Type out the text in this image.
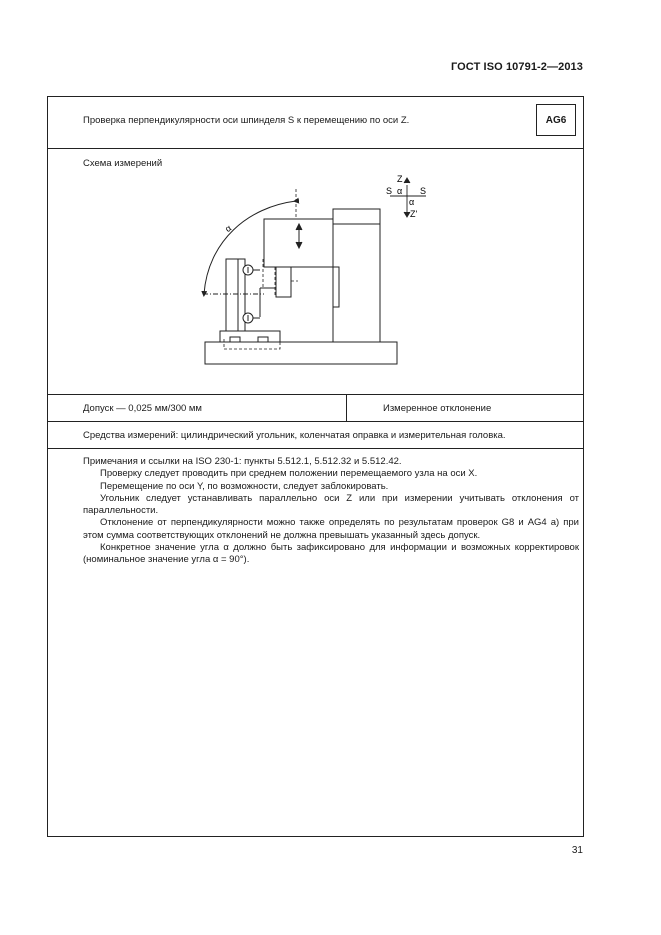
ГОСТ ISO 10791-2—2013
Проверка перпендикулярности оси шпинделя S к перемещению по оси Z.	AG6
Схема измерений
Z
S α S
α
Z'
α
Допуск — 0,025 мм/300 мм	Измеренное отклонение
Средства измерений: цилиндрический угольник, коленчатая оправка и измерительная головка.

Примечания и ссылки на ISO 230-1: пункты 5.512.1, 5.512.32 и 5.512.42.

Проверку следует проводить при среднем положении перемещаемого узла на оси X.

Перемещение по оси Y, по возможности, следует заблокировать.

Угольник следует устанавливать параллельно оси Z или при измерении учитывать отклонения от параллельности.

Отклонение от перпендикулярности можно также определять по результатам проверок G8 и AG4 а) при этом сумма соответствующих отклонений не должна превышать указанный здесь допуск.

Конкретное значение угла α должно быть зафиксировано для информации и возможных корректировок (номинальное значение угла α = 90°).

31
